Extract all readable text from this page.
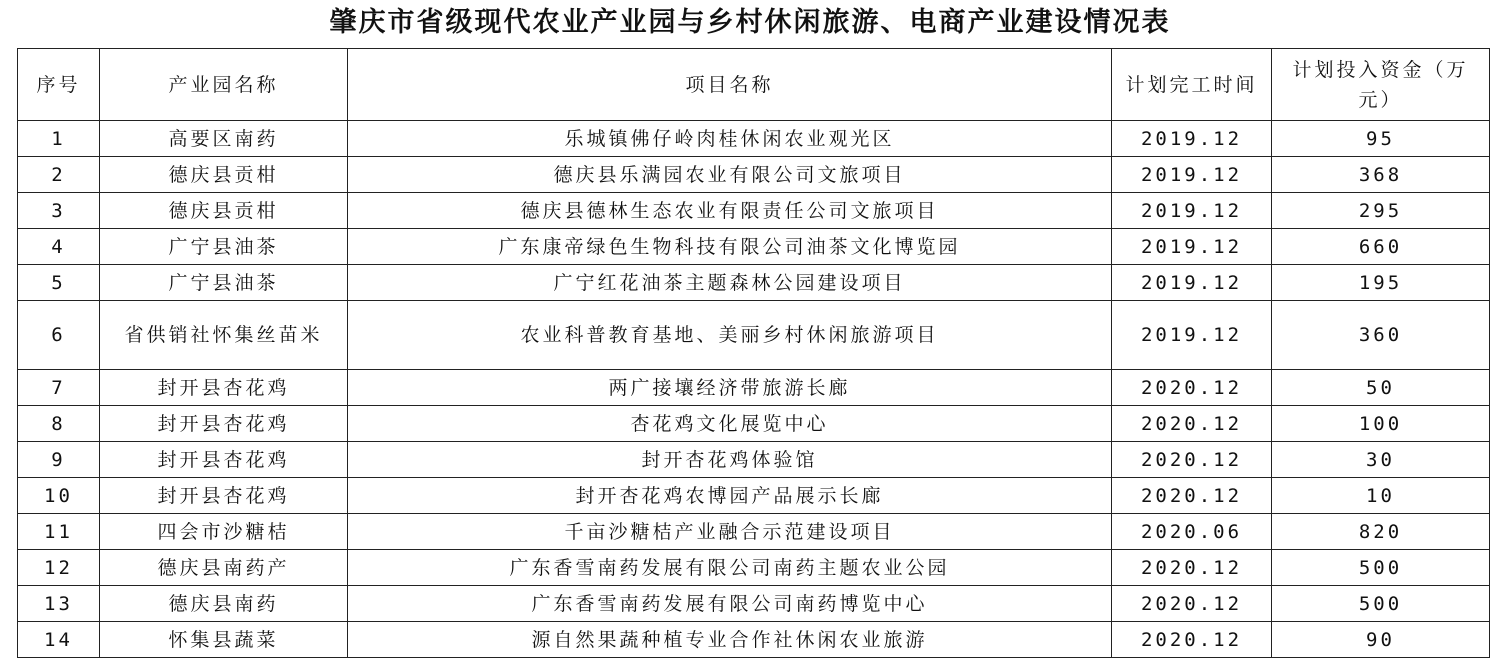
肇庆市省级现代农业产业园与乡村休闲旅游、电商产业建设情况表
序号	产业园名称	项目名称	计划完工时间	计划投入资金（万元）
1	高要区南药	乐城镇佛仔岭肉桂休闲农业观光区	2019.12	95
2	德庆县贡柑	德庆县乐满园农业有限公司文旅项目	2019.12	368
3	德庆县贡柑	德庆县德林生态农业有限责任公司文旅项目	2019.12	295
4	广宁县油茶	广东康帝绿色生物科技有限公司油茶文化博览园	2019.12	660
5	广宁县油茶	广宁红花油茶主题森林公园建设项目	2019.12	195
6	省供销社怀集丝苗米	农业科普教育基地、美丽乡村休闲旅游项目	2019.12	360
7	封开县杏花鸡	两广接壤经济带旅游长廊	2020.12	50
8	封开县杏花鸡	杏花鸡文化展览中心	2020.12	100
9	封开县杏花鸡	封开杏花鸡体验馆	2020.12	30
10	封开县杏花鸡	封开杏花鸡农博园产品展示长廊	2020.12	10
11	四会市沙糖桔	千亩沙糖桔产业融合示范建设项目	2020.06	820
12	德庆县南药产	广东香雪南药发展有限公司南药主题农业公园	2020.12	500
13	德庆县南药	广东香雪南药发展有限公司南药博览中心	2020.12	500
14	怀集县蔬菜	源自然果蔬种植专业合作社休闲农业旅游	2020.12	90
